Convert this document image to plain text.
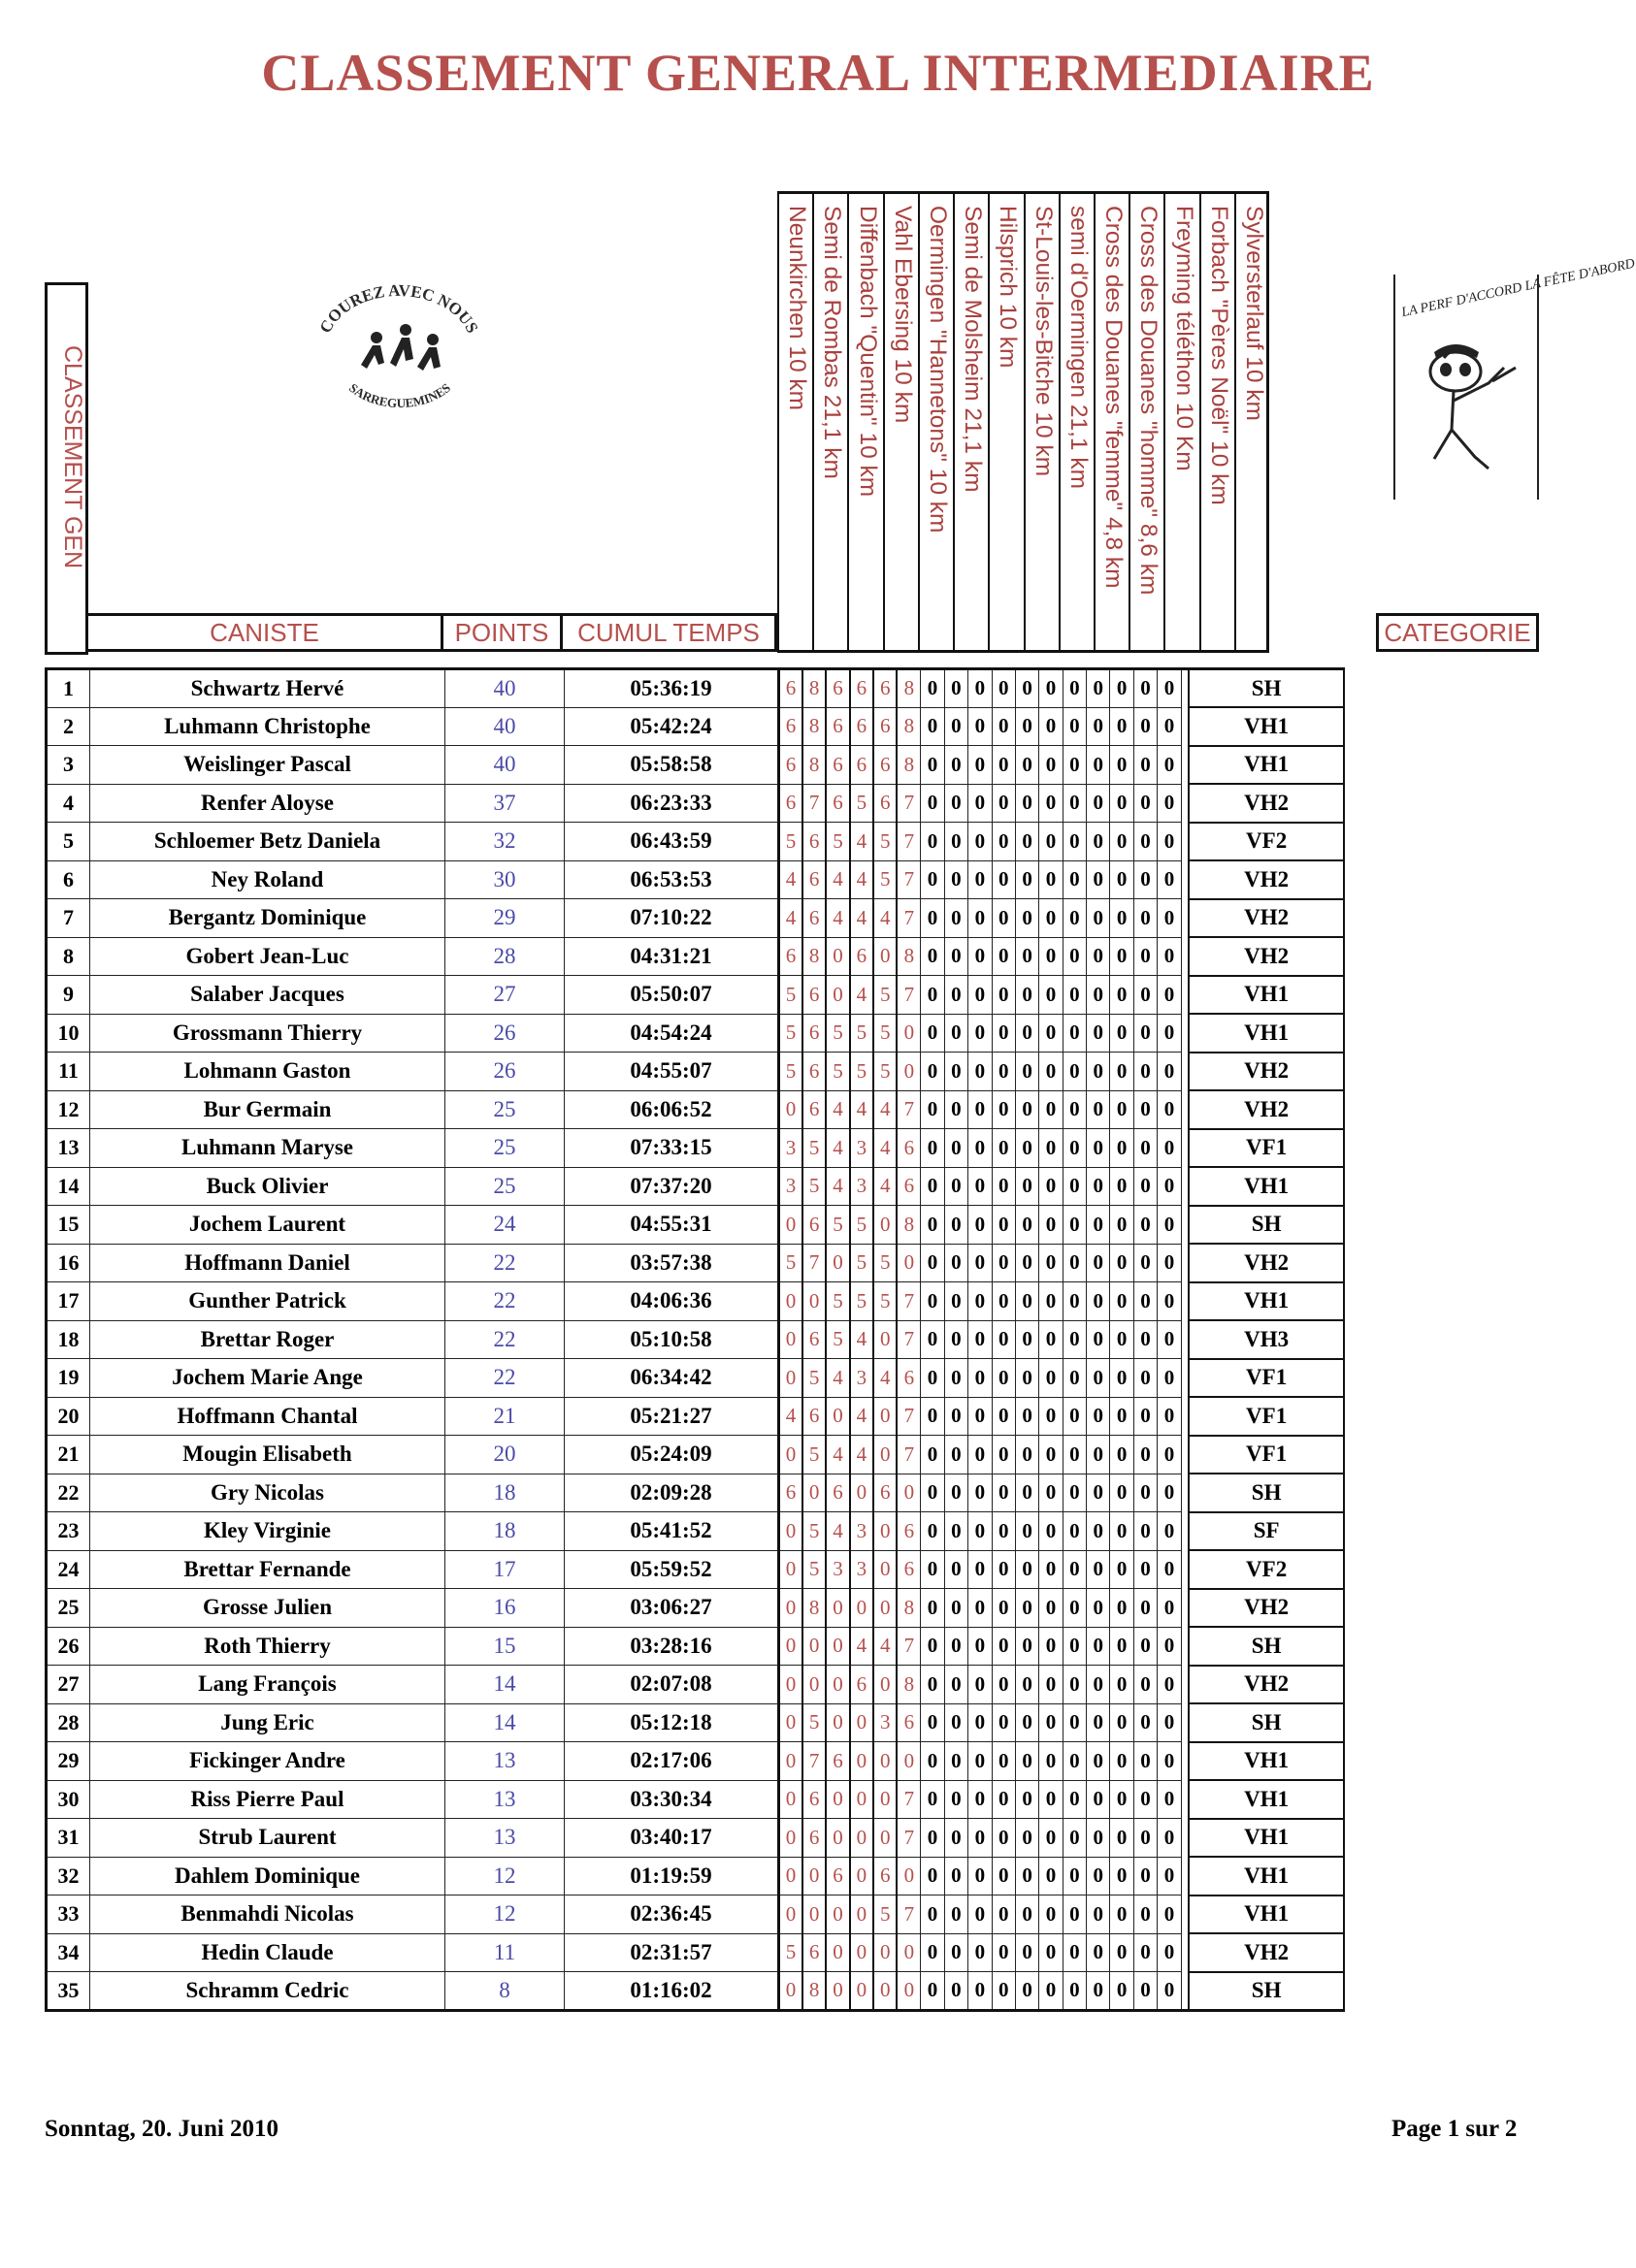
CLASSEMENT GENERAL INTERMEDIAIRE
CLASSEMENT GEN
COUREZ AVEC NOUS
SARREGUEMINES
LA PERF D'ACCORD LA FÊTE D'ABORD
Neunkirchen 10 km Semi de Rombas 21,1 km Diffenbach "Quentin" 10 km Vahl Ebersing 10 km Oermingen "Hannetons" 10 km Semi de Molsheim 21,1 km Hilsprich 10 km St-Louis-les-Bitche 10 km semi d'Oermingen 21,1 km Cross des Douanes "femme" 4,8 km Cross des Douanes "homme" 8,6 km Freyming téléthon 10 Km Forbach "Pères Noël" 10 km Sylversterlauf 10 km
CANISTE	POINTS	CUMUL TEMPS	CATEGORIE
1	Schwartz Hervé	40	05:36:19	6	8	6	6	6	8	0	0	0	0	0	0	0	0	0	0	0		SH
2	Luhmann Christophe	40	05:42:24	6	8	6	6	6	8	0	0	0	0	0	0	0	0	0	0	0		VH1
3	Weislinger Pascal	40	05:58:58	6	8	6	6	6	8	0	0	0	0	0	0	0	0	0	0	0		VH1
4	Renfer Aloyse	37	06:23:33	6	7	6	5	6	7	0	0	0	0	0	0	0	0	0	0	0		VH2
5	Schloemer Betz Daniela	32	06:43:59	5	6	5	4	5	7	0	0	0	0	0	0	0	0	0	0	0		VF2
6	Ney Roland	30	06:53:53	4	6	4	4	5	7	0	0	0	0	0	0	0	0	0	0	0		VH2
7	Bergantz Dominique	29	07:10:22	4	6	4	4	4	7	0	0	0	0	0	0	0	0	0	0	0		VH2
8	Gobert Jean-Luc	28	04:31:21	6	8	0	6	0	8	0	0	0	0	0	0	0	0	0	0	0		VH2
9	Salaber Jacques	27	05:50:07	5	6	0	4	5	7	0	0	0	0	0	0	0	0	0	0	0		VH1
10	Grossmann Thierry	26	04:54:24	5	6	5	5	5	0	0	0	0	0	0	0	0	0	0	0	0		VH1
11	Lohmann Gaston	26	04:55:07	5	6	5	5	5	0	0	0	0	0	0	0	0	0	0	0	0		VH2
12	Bur Germain	25	06:06:52	0	6	4	4	4	7	0	0	0	0	0	0	0	0	0	0	0		VH2
13	Luhmann Maryse	25	07:33:15	3	5	4	3	4	6	0	0	0	0	0	0	0	0	0	0	0		VF1
14	Buck Olivier	25	07:37:20	3	5	4	3	4	6	0	0	0	0	0	0	0	0	0	0	0		VH1
15	Jochem Laurent	24	04:55:31	0	6	5	5	0	8	0	0	0	0	0	0	0	0	0	0	0		SH
16	Hoffmann Daniel	22	03:57:38	5	7	0	5	5	0	0	0	0	0	0	0	0	0	0	0	0		VH2
17	Gunther Patrick	22	04:06:36	0	0	5	5	5	7	0	0	0	0	0	0	0	0	0	0	0		VH1
18	Brettar Roger	22	05:10:58	0	6	5	4	0	7	0	0	0	0	0	0	0	0	0	0	0		VH3
19	Jochem Marie Ange	22	06:34:42	0	5	4	3	4	6	0	0	0	0	0	0	0	0	0	0	0		VF1
20	Hoffmann Chantal	21	05:21:27	4	6	0	4	0	7	0	0	0	0	0	0	0	0	0	0	0		VF1
21	Mougin Elisabeth	20	05:24:09	0	5	4	4	0	7	0	0	0	0	0	0	0	0	0	0	0		VF1
22	Gry Nicolas	18	02:09:28	6	0	6	0	6	0	0	0	0	0	0	0	0	0	0	0	0		SH
23	Kley Virginie	18	05:41:52	0	5	4	3	0	6	0	0	0	0	0	0	0	0	0	0	0		SF
24	Brettar Fernande	17	05:59:52	0	5	3	3	0	6	0	0	0	0	0	0	0	0	0	0	0		VF2
25	Grosse Julien	16	03:06:27	0	8	0	0	0	8	0	0	0	0	0	0	0	0	0	0	0		VH2
26	Roth Thierry	15	03:28:16	0	0	0	4	4	7	0	0	0	0	0	0	0	0	0	0	0		SH
27	Lang François	14	02:07:08	0	0	0	6	0	8	0	0	0	0	0	0	0	0	0	0	0		VH2
28	Jung Eric	14	05:12:18	0	5	0	0	3	6	0	0	0	0	0	0	0	0	0	0	0		SH
29	Fickinger Andre	13	02:17:06	0	7	6	0	0	0	0	0	0	0	0	0	0	0	0	0	0		VH1
30	Riss Pierre Paul	13	03:30:34	0	6	0	0	0	7	0	0	0	0	0	0	0	0	0	0	0		VH1
31	Strub Laurent	13	03:40:17	0	6	0	0	0	7	0	0	0	0	0	0	0	0	0	0	0		VH1
32	Dahlem Dominique	12	01:19:59	0	0	6	0	6	0	0	0	0	0	0	0	0	0	0	0	0		VH1
33	Benmahdi Nicolas	12	02:36:45	0	0	0	0	5	7	0	0	0	0	0	0	0	0	0	0	0		VH1
34	Hedin Claude	11	02:31:57	5	6	0	0	0	0	0	0	0	0	0	0	0	0	0	0	0		VH2
35	Schramm Cedric	8	01:16:02	0	8	0	0	0	0	0	0	0	0	0	0	0	0	0	0	0		SH
Sonntag, 20. Juni 2010	Page 1 sur 2
